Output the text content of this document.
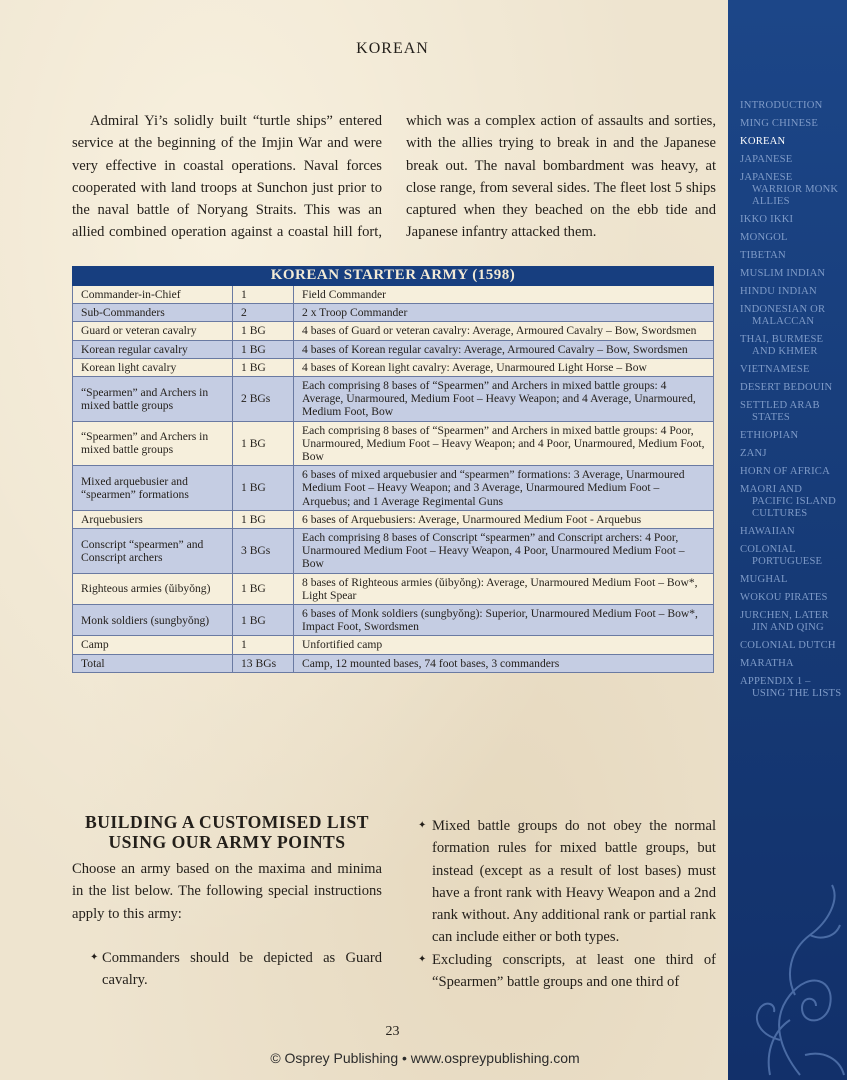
KOREAN

Admiral Yi’s solidly built “turtle ships” entered service at the beginning of the Imjin War and were very effective in coastal operations. Naval forces cooperated with land troops at Sunchon just prior to the naval battle of Noryang Straits. This was an allied combined operation against a coastal hill fort, which was a complex action of assaults and sorties, with the allies trying to break in and the Japanese break out. The naval bombardment was heavy, at close range, from several sides. The fleet lost 5 ships captured when they beached on the ebb tide and Japanese infantry attacked them.

KOREAN STARTER ARMY (1598)		
Commander-in-Chief	1	Field Commander
Sub-Commanders	2	2 x Troop Commander
Guard or veteran cavalry	1 BG	4 bases of Guard or veteran cavalry: Average, Armoured Cavalry – Bow, Swordsmen
Korean regular cavalry	1 BG	4 bases of Korean regular cavalry: Average, Armoured Cavalry – Bow, Swordsmen
Korean light cavalry	1 BG	4 bases of Korean light cavalry: Average, Unarmoured Light Horse – Bow
“Spearmen” and Archers in mixed battle groups	2 BGs	Each comprising 8 bases of “Spearmen” and Archers in mixed battle groups: 4 Average, Unarmoured, Medium Foot – Heavy Weapon; and 4 Average, Unarmoured, Medium Foot, Bow
“Spearmen” and Archers in mixed battle groups	1 BG	Each comprising 8 bases of “Spearmen” and Archers in mixed battle groups: 4 Poor, Unarmoured, Medium Foot – Heavy Weapon; and 4 Poor, Unarmoured, Medium Foot, Bow
Mixed arquebusier and “spearmen” formations	1 BG	6 bases of mixed arquebusier and “spearmen” formations: 3 Average, Unarmoured Medium Foot – Heavy Weapon; and 3 Average, Unarmoured Medium Foot – Arquebus; and 1 Average Regimental Guns
Arquebusiers	1 BG	6 bases of Arquebusiers: Average, Unarmoured Medium Foot - Arquebus
Conscript “spearmen” and Conscript archers	3 BGs	Each comprising 8 bases of Conscript “spearmen” and Conscript archers: 4 Poor, Unarmoured Medium Foot – Heavy Weapon, 4 Poor, Unarmoured Medium Foot – Bow
Righteous armies (ŭibyŏng)	1 BG	8 bases of Righteous armies (ŭibyŏng): Average, Unarmoured Medium Foot – Bow*, Light Spear
Monk soldiers (sungbyŏng)	1 BG	6 bases of Monk soldiers (sungbyŏng): Superior, Unarmoured Medium Foot – Bow*, Impact Foot, Swordsmen
Camp	1	Unfortified camp
Total	13 BGs	Camp, 12 mounted bases, 74 foot bases, 3 commanders
BUILDING A CUSTOMISED LIST
USING OUR ARMY POINTS

Choose an army based on the maxima and minima in the list below. The following special instructions apply to this army:

✦ Commanders should be depicted as Guard cavalry.
✦ Mixed battle groups do not obey the normal formation rules for mixed battle groups, but instead (except as a result of lost bases) must have a front rank with Heavy Weapon and a 2nd rank without. Any additional rank or partial rank can include either or both types.
✦ Excluding conscripts, at least one third of “Spearmen” battle groups and one third of
23
© Osprey Publishing • www.ospreypublishing.com
INTRODUCTION
MING CHINESE
KOREAN
JAPANESE
JAPANESE
WARRIOR MONK ALLIES
IKKO IKKI
MONGOL
TIBETAN
MUSLIM INDIAN
HINDU INDIAN
INDONESIAN OR
MALACCAN
THAI, BURMESE
AND KHMER
VIETNAMESE
DESERT BEDOUIN
SETTLED ARAB
STATES
ETHIOPIAN
ZANJ
HORN OF AFRICA
MAORI AND
PACIFIC ISLAND CULTURES
HAWAIIAN
COLONIAL
PORTUGUESE
MUGHAL
WOKOU PIRATES
JURCHEN, LATER
JIN AND QING
COLONIAL DUTCH
MARATHA
APPENDIX 1 –
USING THE LISTS
